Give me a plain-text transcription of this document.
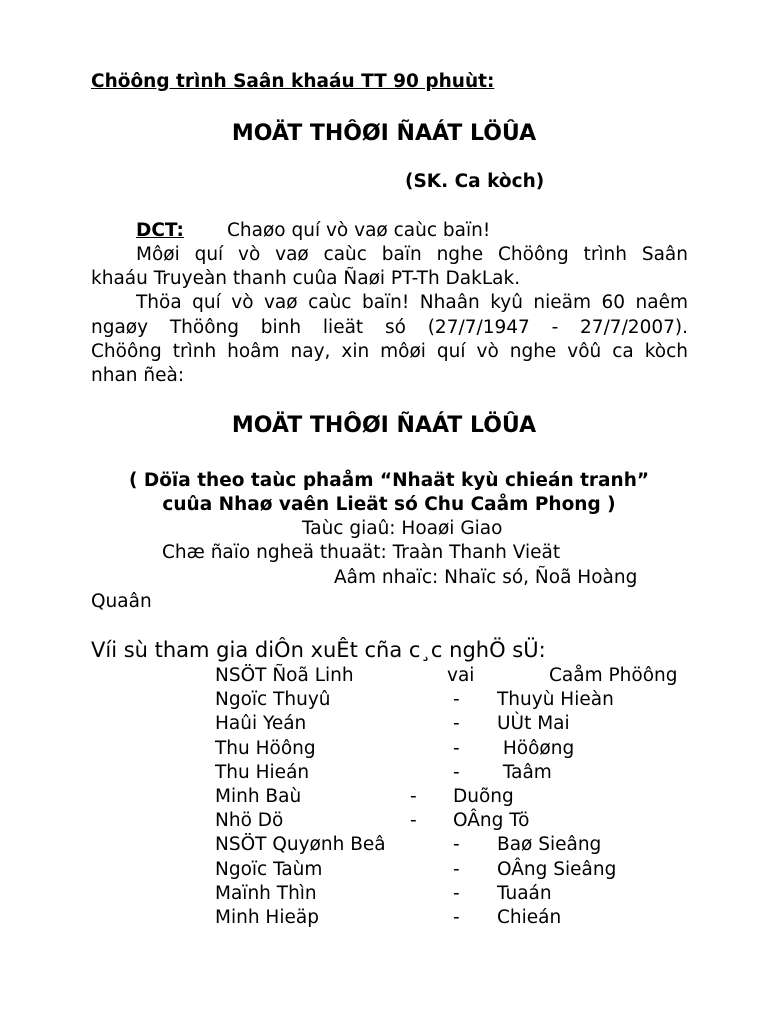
Chöông trình Saân khaáu TT 90 phuùt:
MOÄT THÔØI ÑAÁT LÖÛA
(SK. Ca kòch)
DCT: Chaøo quí vò vaø caùc baïn!
Môøi quí vò vaø caùc baïn nghe Chöông trình Saân
khaáu Truyeàn thanh cuûa Ñaøi PT-Th DakLak.
Thöa quí vò vaø caùc baïn! Nhaân kyû nieäm 60 naêm
ngaøy Thöông binh lieät só (27/7/1947 - 27/7/2007).
Chöông trình hoâm nay, xin môøi quí vò nghe vôû ca kòch
nhan ñeà:
MOÄT THÔØI ÑAÁT LÖÛA
( Döïa theo taùc phaåm “Nhaät kyù chieán tranh”
cuûa Nhaø vaên Lieät só Chu Caåm Phong )
Taùc giaû: Hoaøi Giao
Chæ ñaïo ngheä thuaät: Traàn Thanh Vieät
Aâm nhaïc: Nhaïc só, Ñoã Hoàng
Quaân
Víi sù tham gia diÔn xuÊt cña c¸c nghÖ sÜ:
NSÖT Ñoã Linh	vai	Caåm Phöông
Ngoïc Thuyû	- Thuyù Hieàn
Haûi Yeán	- UÙt Mai
Thu Höông	- Höôøng
Thu Hieán	- Taâm
Minh Baù	- Duõng
Nhö Dö	- OÂng Tö
NSÖT Quyønh Beâ	- Baø Sieâng
Ngoïc Taùm	- OÂng Sieâng
Maïnh Thìn	- Tuaán
Minh Hieäp	- Chieán
